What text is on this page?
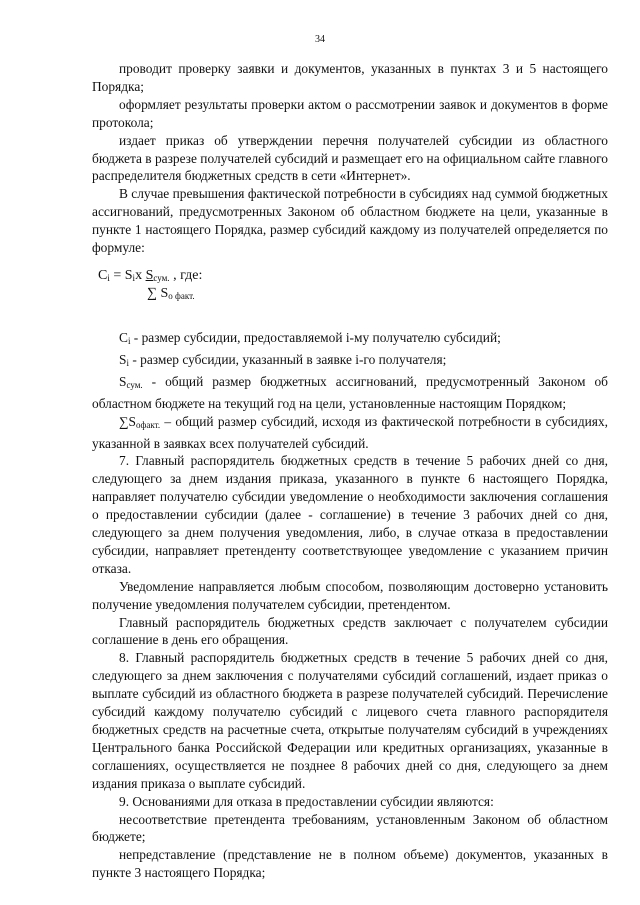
34

проводит проверку заявки и документов, указанных в пунктах 3 и 5 настоящего Порядка;

оформляет результаты проверки актом о рассмотрении заявок и документов в форме протокола;

издает приказ об утверждении перечня получателей субсидии из областного бюджета в разрезе получателей субсидий и размещает его на официальном сайте главного распределителя бюджетных средств в сети «Интернет».

В случае превышения фактической потребности в субсидиях над суммой бюджетных ассигнований, предусмотренных Законом об областном бюджете на цели, указанные в пункте 1 настоящего Порядка, размер субсидий каждому из получателей определяется по формуле:

$C_i = S_ix$ $S_{сум.}$ , где:
∑ $S_{о факт.}$

$C_i$ - размер субсидии, предоставляемой i-му получателю субсидий;

$S_i$ - размер субсидии, указанный в заявке i-го получателя;

$S_{сум.}$ - общий размер бюджетных ассигнований, предусмотренный Законом об областном бюджете на текущий год на цели, установленные настоящим Порядком;

$\sum S_{офакт.}$ – общий размер субсидий, исходя из фактической потребности в субсидиях, указанной в заявках всех получателей субсидий.

7. Главный распорядитель бюджетных средств в течение 5 рабочих дней со дня, следующего за днем издания приказа, указанного в пункте 6 настоящего Порядка, направляет получателю субсидии уведомление о необходимости заключения соглашения о предоставлении субсидии (далее - соглашение) в течение 3 рабочих дней со дня, следующего за днем получения уведомления, либо, в случае отказа в предоставлении субсидии, направляет претенденту соответствующее уведомление с указанием причин отказа.

Уведомление направляется любым способом, позволяющим достоверно установить получение уведомления получателем субсидии, претендентом.

Главный распорядитель бюджетных средств заключает с получателем субсидии соглашение в день его обращения.

8. Главный распорядитель бюджетных средств в течение 5 рабочих дней со дня, следующего за днем заключения с получателями субсидий соглашений, издает приказ о выплате субсидий из областного бюджета в разрезе получателей субсидий. Перечисление субсидий каждому получателю субсидий с лицевого счета главного распорядителя бюджетных средств на расчетные счета, открытые получателям субсидий в учреждениях Центрального банка Российской Федерации или кредитных организациях, указанные в соглашениях, осуществляется не позднее 8 рабочих дней со дня, следующего за днем издания приказа о выплате субсидий.

9. Основаниями для отказа в предоставлении субсидии являются:

несоответствие претендента требованиям, установленным Законом об областном бюджете;

непредставление (представление не в полном объеме) документов, указанных в пункте 3 настоящего Порядка;
